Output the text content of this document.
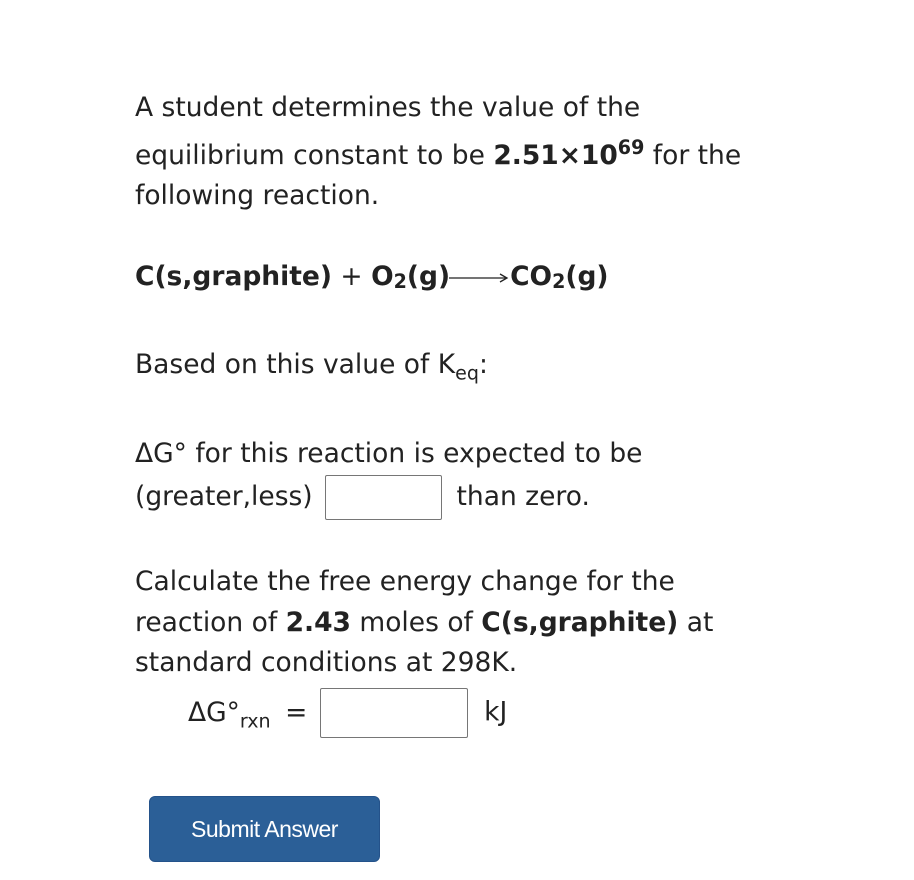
A student determines the value of the
equilibrium constant to be $2.51\times 10^{69}$ for the
following reaction.
C(s,graphite) + $O_2(g)\to CO_2(g)$
Based on this value of $K_{eq}$:
ΔG° for this reaction is expected to be
(greater,less)	than zero.
Calculate the free energy change for the
reaction of 2.43 moles of C(s,graphite) at
standard conditions at 298K.
$\Delta G^\circ_{rxn}$ =	kJ
Submit Answer
